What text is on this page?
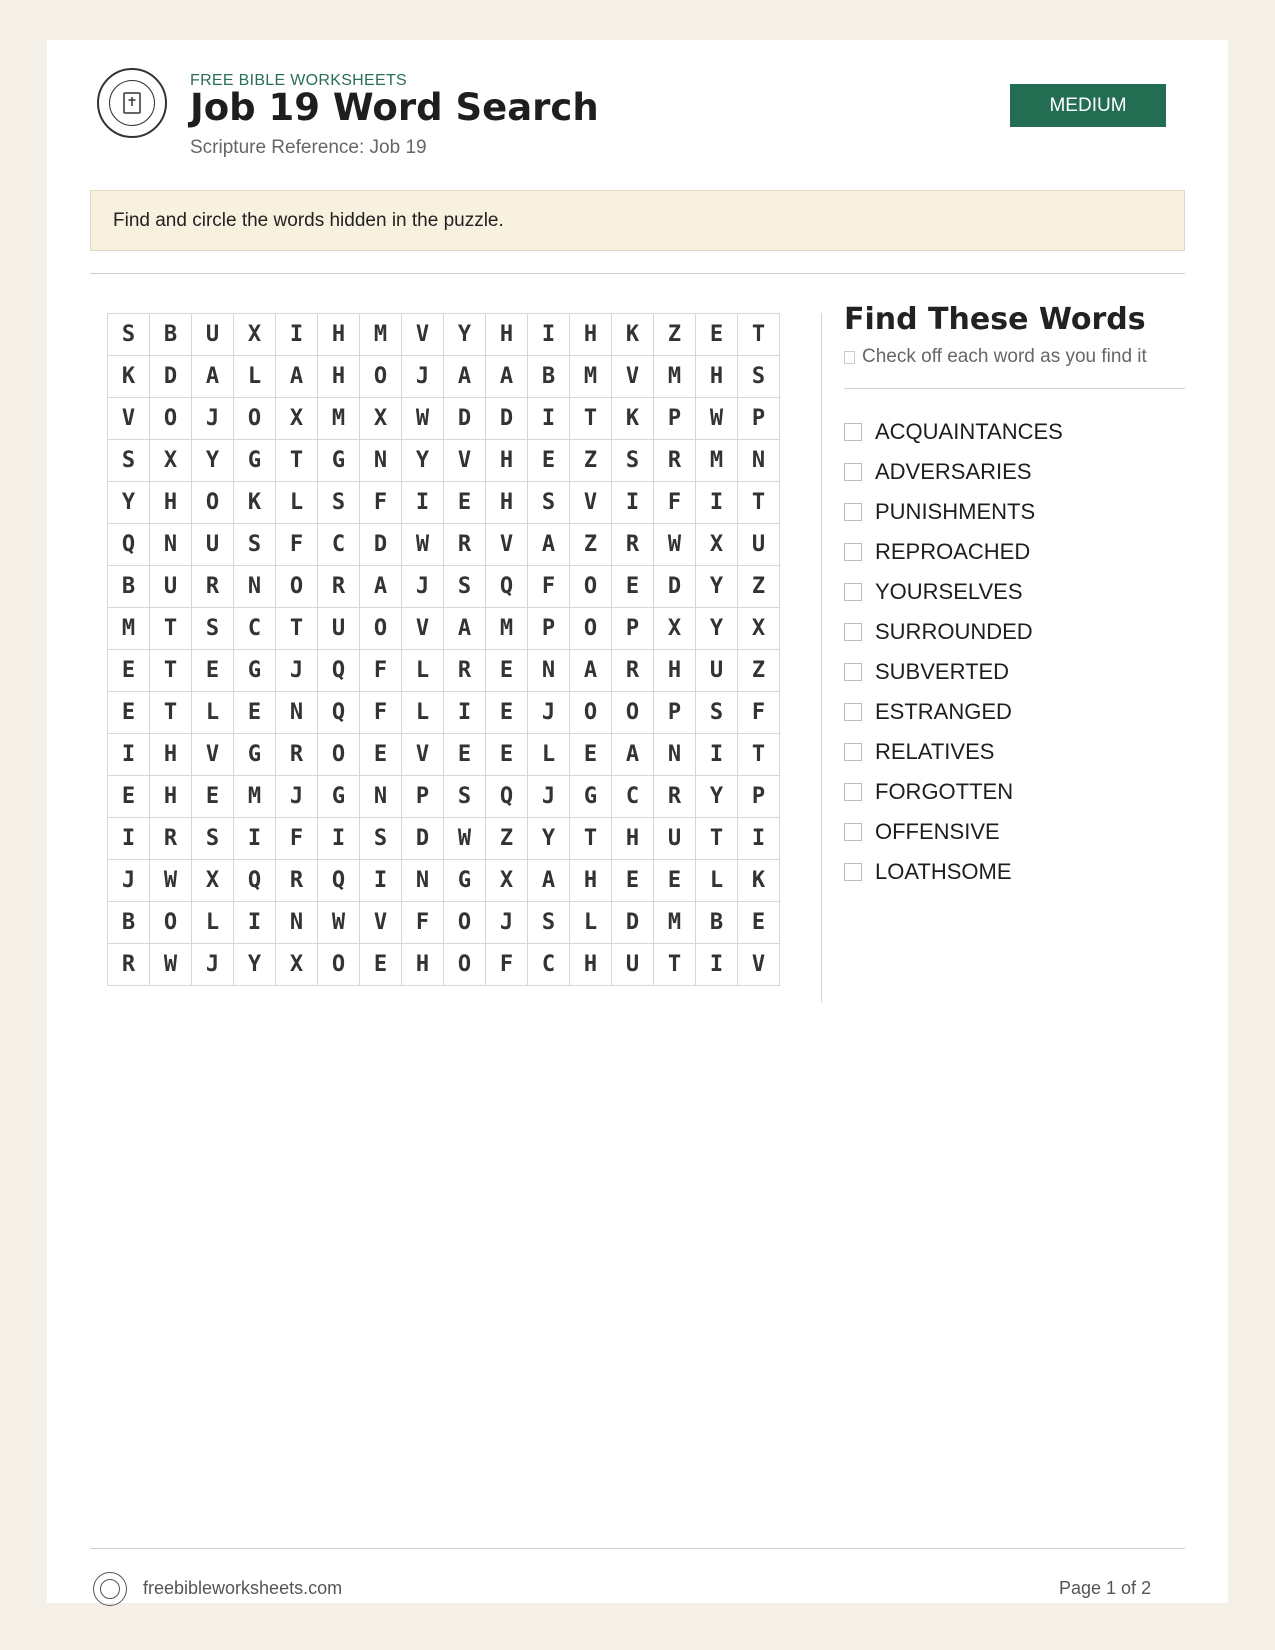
FREE BIBLE WORKSHEETS
Job 19 Word Search
Scripture Reference: Job 19
MEDIUM
Find and circle the words hidden in the puzzle.
S	B	U	X	I	H	M	V	Y	H	I	H	K	Z	E	T
K	D	A	L	A	H	O	J	A	A	B	M	V	M	H	S
V	O	J	O	X	M	X	W	D	D	I	T	K	P	W	P
S	X	Y	G	T	G	N	Y	V	H	E	Z	S	R	M	N
Y	H	O	K	L	S	F	I	E	H	S	V	I	F	I	T
Q	N	U	S	F	C	D	W	R	V	A	Z	R	W	X	U
B	U	R	N	O	R	A	J	S	Q	F	O	E	D	Y	Z
M	T	S	C	T	U	O	V	A	M	P	O	P	X	Y	X
E	T	E	G	J	Q	F	L	R	E	N	A	R	H	U	Z
E	T	L	E	N	Q	F	L	I	E	J	O	O	P	S	F
I	H	V	G	R	O	E	V	E	E	L	E	A	N	I	T
E	H	E	M	J	G	N	P	S	Q	J	G	C	R	Y	P
I	R	S	I	F	I	S	D	W	Z	Y	T	H	U	T	I
J	W	X	Q	R	Q	I	N	G	X	A	H	E	E	L	K
B	O	L	I	N	W	V	F	O	J	S	L	D	M	B	E
R	W	J	Y	X	O	E	H	O	F	C	H	U	T	I	V
Find These Words
Check off each word as you find it
ACQUAINTANCES
ADVERSARIES
PUNISHMENTS
REPROACHED
YOURSELVES
SURROUNDED
SUBVERTED
ESTRANGED
RELATIVES
FORGOTTEN
OFFENSIVE
LOATHSOME
freebibleworksheets.com	Page 1 of 2
